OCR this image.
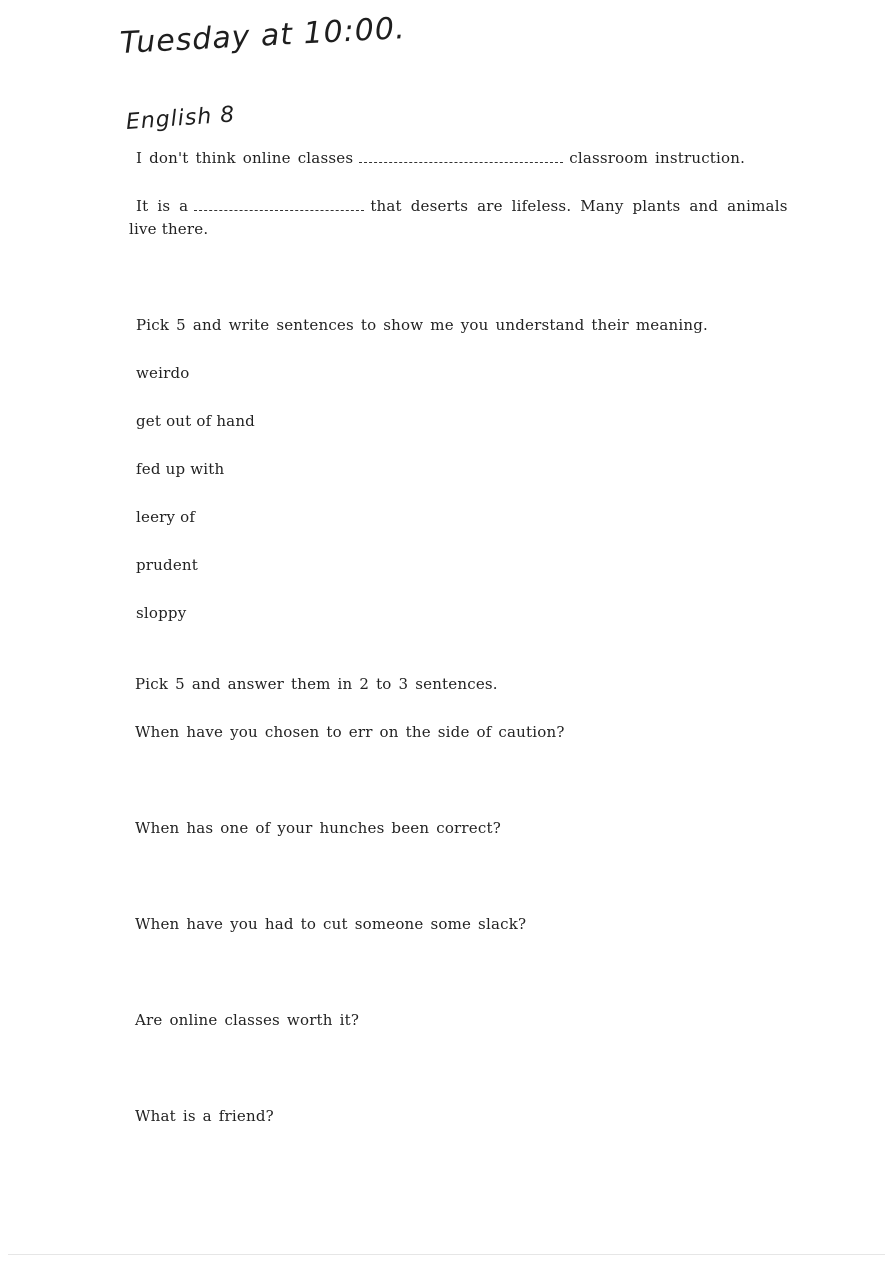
Tuesday at 10:00.
English 8
I don't think online classes	classroom instruction.
It is a	that deserts are lifeless. Many plants and animals
live there.
Pick 5 and write sentences to show me you understand their meaning.
weirdo
get out of hand
fed up with
leery of
prudent
sloppy
Pick 5 and answer them in 2 to 3 sentences.
When have you chosen to err on the side of caution?
When has one of your hunches been correct?
When have you had to cut someone some slack?
Are online classes worth it?
What is a friend?
